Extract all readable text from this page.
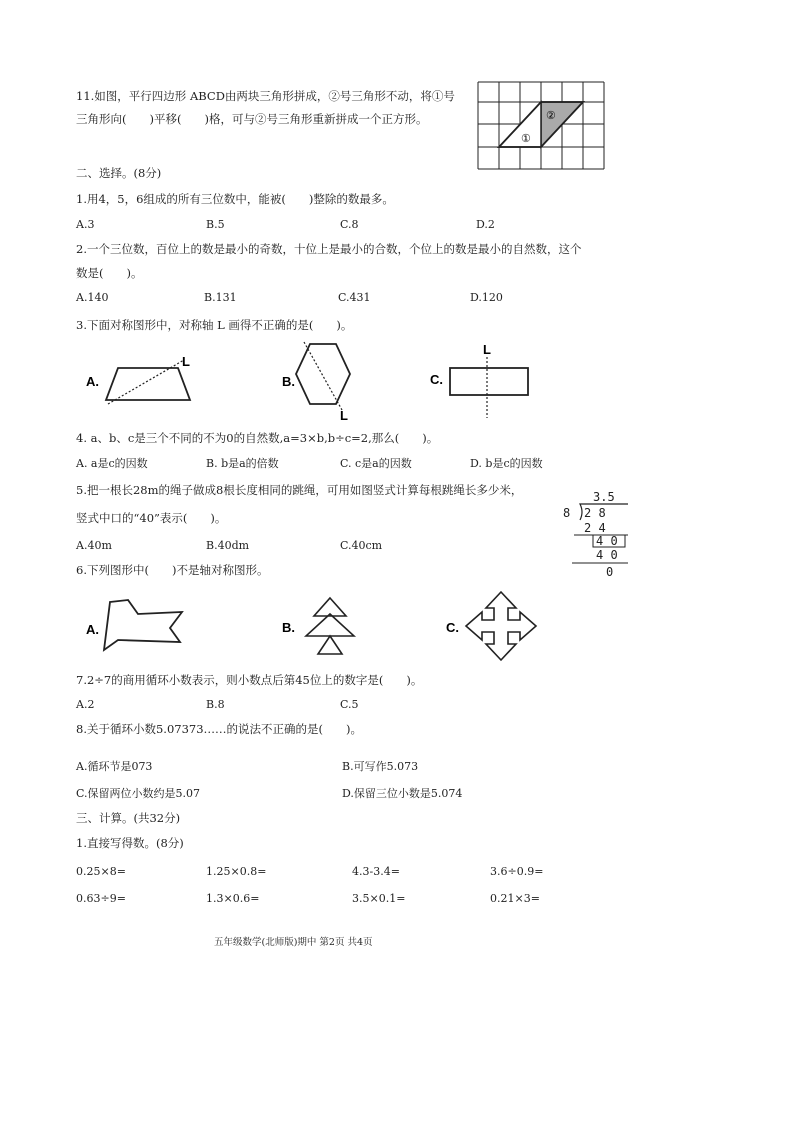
11.如图，平行四边形 ABCD由两块三角形拼成，②号三角形不动，将①号
三角形向(　　)平移(　　)格，可与②号三角形重新拼成一个正方形。	②
①
二、选择。(8分)
1.用4，5，6组成的所有三位数中，能被(　　)整除的数最多。
A.3	B.5	C.8	D.2
2.一个三位数，百位上的数是最小的奇数，十位上是最小的合数，个位上的数是最小的自然数，这个
数是(　　)。
A.140	B.131	C.431	D.120
3.下面对称图形中，对称轴 L 画得不正确的是(　　)。
A.
L
B.
L
C.
L
4. a、b、c是三个不同的不为0的自然数,a=3×b,b÷c=2,那么(　　)。
A. a是c的因数	B. b是a的倍数	C. c是a的因数	D. b是c的因数
5.把一根长28m的绳子做成8根长度相同的跳绳，可用如图竖式计算每根跳绳长多少米，
竖式中口的“40”表示(　　)。
A.40m	B.40dm	C.40cm
3.5
8 2 8
2 4
4 0
4 0
0
6.下列图形中(　　)不是轴对称图形。
A.	B.	C.
7.2÷7的商用循环小数表示，则小数点后第45位上的数字是(　　)。
A.2	B.8	C.5
8.关于循环小数5.07373……的说法不正确的是(　　)。
A.循环节是073	B.可写作5.073
C.保留两位小数约是5.07	D.保留三位小数是5.074
三、计算。(共32分)
1.直接写得数。(8分)
0.25×8=	1.25×0.8=	4.3-3.4=	3.6÷0.9=
0.63÷9=	1.3×0.6=	3.5×0.1=	0.21×3=
五年级数学(北师版)期中 第2页 共4页
